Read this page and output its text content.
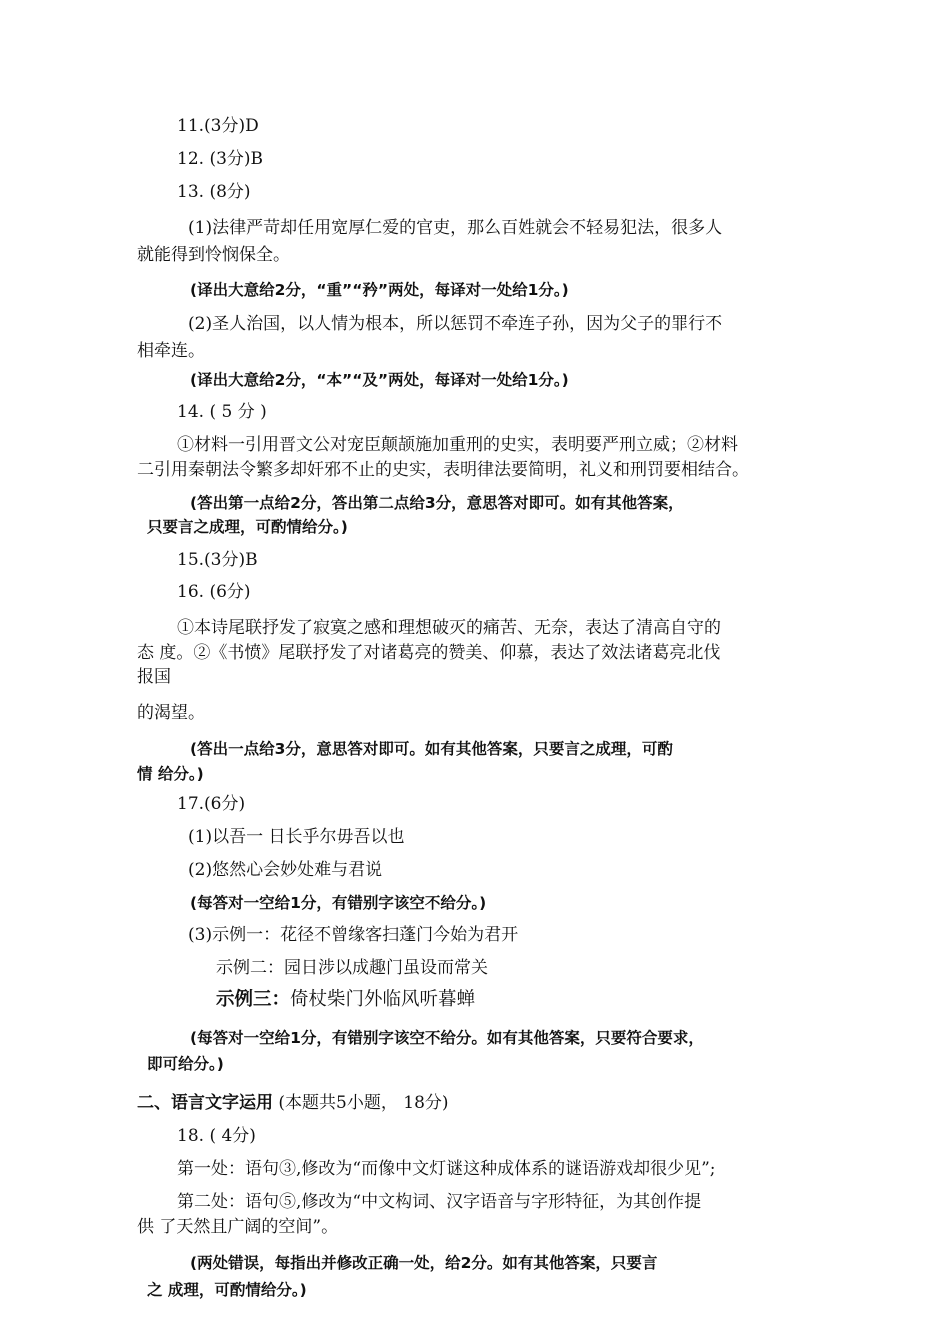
11.(3分)D
12. (3分)B
13. (8分)
(1)法律严苛却任用宽厚仁爱的官吏，那么百姓就会不轻易犯法，很多人
就能得到怜悯保全。
(译出大意给2分，“重”“矜”两处，每译对一处给1分。)
(2)圣人治国，以人情为根本，所以惩罚不牵连子孙，因为父子的罪行不
相牵连。
(译出大意给2分，“本”“及”两处，每译对一处给1分。)
14. ( 5 分 )
①材料一引用晋文公对宠臣颠颉施加重刑的史实，表明要严刑立威；②材料
二引用秦朝法令繁多却奸邪不止的史实，表明律法要简明，礼义和刑罚要相结合。
(答出第一点给2分，答出第二点给3分，意思答对即可。如有其他答案，
只要言之成理，可酌情给分。)
15.(3分)B
16. (6分)
①本诗尾联抒发了寂寞之感和理想破灭的痛苦、无奈，表达了清高自守的
态 度。②《书愤》尾联抒发了对诸葛亮的赞美、仰慕，表达了效法诸葛亮北伐
报国
的渴望。
(答出一点给3分，意思答对即可。如有其他答案，只要言之成理，可酌
情 给分。)
17.(6分)
(1)以吾一 日长乎尔毋吾以也
(2)悠然心会妙处难与君说
(每答对一空给1分，有错别字该空不给分。)
(3)示例一：花径不曾缘客扫蓬门今始为君开
示例二：园日涉以成趣门虽设而常关
示例三：倚杖柴门外临风听暮蝉
(每答对一空给1分，有错别字该空不给分。如有其他答案，只要符合要求，
即可给分。)
二、语言文字运用 (本题共5小题， 18分)
18. ( 4分)
第一处：语句③,修改为“而像中文灯谜这种成体系的谜语游戏却很少见”;
第二处：语句⑤,修改为“中文构词、汉字语音与字形特征，为其创作提
供 了天然且广阔的空间”。
(两处错误，每指出并修改正确一处，给2分。如有其他答案，只要言
之 成理，可酌情给分。)
